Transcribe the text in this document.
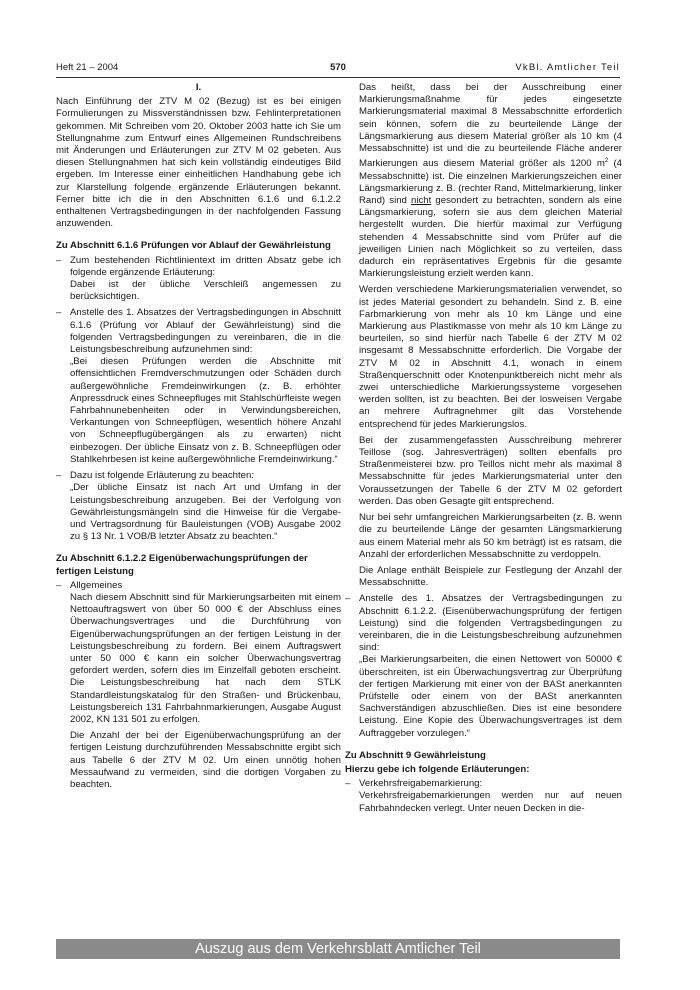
Heft 21 – 2004	570	VkBl. Amtlicher Teil
I.

Nach Einführung der ZTV M 02 (Bezug) ist es bei einigen Formulierungen zu Missverständnissen bzw. Fehlinterpretationen gekommen. Mit Schreiben vom 20. Oktober 2003 hatte ich Sie um Stellungnahme zum Entwurf eines Allgemeinen Rundschreibens mit Änderungen und Erläuterungen zur ZTV M 02 gebeten. Aus diesen Stellungnahmen hat sich kein vollständig eindeutiges Bild ergeben. Im Interesse einer einheitlichen Handhabung gebe ich zur Klarstellung folgende ergänzende Erläuterungen bekannt. Ferner bitte ich die in den Abschnitten 6.1.6 und 6.1.2.2 enthaltenen Vertragsbedingungen in der nachfolgenden Fassung anzuwenden.

Zu Abschnitt 6.1.6 Prüfungen vor Ablauf der Gewährleistung
– Zum bestehenden Richtlinientext im dritten Absatz gebe ich folgende ergänzende Erläuterung:
Dabei ist der übliche Verschleiß angemessen zu berücksichtigen.
– Anstelle des 1. Absatzes der Vertragsbedingungen in Abschnitt 6.1.6 (Prüfung vor Ablauf der Gewährleistung) sind die folgenden Vertragsbedingungen zu vereinbaren, die in die Leistungsbeschreibung aufzunehmen sind:
„Bei diesen Prüfungen werden die Abschnitte mit offensichtlichen Fremdverschmutzungen oder Schäden durch außergewöhnliche Fremdeinwirkungen (z. B. erhöhter Anpressdruck eines Schneepfluges mit Stahlschürfleiste wegen Fahrbahnunebenheiten oder in Verwindungsbereichen, Verkantungen von Schneepflügen, wesentlich höhere Anzahl von Schneepflugübergängen als zu erwarten) nicht einbezogen. Der übliche Einsatz von z. B. Schneepflügen oder Stahlkehrbesen ist keine außergewöhnliche Fremdeinwirkung.“
– Dazu ist folgende Erläuterung zu beachten:
„Der übliche Einsatz ist nach Art und Umfang in der Leistungsbeschreibung anzugeben. Bei der Verfolgung von Gewährleistungsmängeln sind die Hinweise für die Vergabe- und Vertragsordnung für Bauleistungen (VOB) Ausgabe 2002 zu § 13 Nr. 1 VOB/B letzter Absatz zu beachten.“
Zu Abschnitt 6.1.2.2 Eigenüberwachungsprüfungen der fertigen Leistung
– Allgemeines

Nach diesem Abschnitt sind für Markierungsarbeiten mit einem Nettoauftragswert von über 50 000 € der Abschluss eines Überwachungsvertrages und die Durchführung von Eigenüberwachungsprüfungen an der fertigen Leistung in der Leistungsbeschreibung zu fordern. Bei einem Auftragswert unter 50 000 € kann ein solcher Überwachungsvertrag gefordert werden, sofern dies im Einzelfall geboten erscheint. Die Leistungsbeschreibung hat nach dem STLK Standardleistungskatalog für den Straßen- und Brückenbau, Leistungsbereich 131 Fahrbahnmarkierungen, Ausgabe August 2002, KN 131 501 zu erfolgen.

Die Anzahl der bei der Eigenüberwachungsprüfung an der fertigen Leistung durchzuführenden Messabschnitte ergibt sich aus Tabelle 6 der ZTV M 02. Um einen unnötig hohen Messaufwand zu vermeiden, sind die dortigen Vorgaben zu beachten.

Das heißt, dass bei der Ausschreibung einer Markierungsmaßnahme für jedes eingesetzte Markierungsmaterial maximal 8 Messabschnitte erforderlich sein können, sofern die zu beurteilende Länge der Längsmarkierung aus diesem Material größer als 10 km (4 Messabschnitte) ist und die zu beurteilende Fläche anderer Markierungen aus diesem Material größer als 1200 $m^2$ (4 Messabschnitte) ist. Die einzelnen Markierungszeichen einer Längsmarkierung z. B. (rechter Rand, Mittelmarkierung, linker Rand) sind nicht gesondert zu betrachten, sondern als eine Längsmarkierung, sofern sie aus dem gleichen Material hergestellt wurden. Die hierfür maximal zur Verfügung stehenden 4 Messabschnitte sind vom Prüfer auf die jeweiligen Linien nach Möglichkeit so zu verteilen, dass dadurch ein repräsentatives Ergebnis für die gesamte Markierungsleistung erzielt werden kann.

Werden verschiedene Markierungsmaterialien verwendet, so ist jedes Material gesondert zu behandeln. Sind z. B. eine Farbmarkierung von mehr als 10 km Länge und eine Markierung aus Plastikmasse von mehr als 10 km Länge zu beurteilen, so sind hierfür nach Tabelle 6 der ZTV M 02 insgesamt 8 Messabschnitte erforderlich. Die Vorgabe der ZTV M 02 in Abschnitt 4.1, wonach in einem Straßenquerschnitt oder Knotenpunktbereich nicht mehr als zwei unterschiedliche Markierungssysteme vorgesehen werden sollten, ist zu beachten. Bei der losweisen Vergabe an mehrere Auftragnehmer gilt das Vorstehende entsprechend für jedes Markierungslos.

Bei der zusammengefassten Ausschreibung mehrerer Teillose (sog. Jahresverträgen) sollten ebenfalls pro Straßenmeisterei bzw. pro Teillos nicht mehr als maximal 8 Messabschnitte für jedes Markierungsmaterial unter den Voraussetzungen der Tabelle 6 der ZTV M 02 gefordert werden. Das oben Gesagte gilt entsprechend.

Nur bei sehr umfangreichen Markierungsarbeiten (z. B. wenn die zu beurteilende Länge der gesamten Längsmarkierung aus einem Material mehr als 50 km beträgt) ist es ratsam, die Anzahl der erforderlichen Messabschnitte zu verdoppeln.

Die Anlage enthält Beispiele zur Festlegung der Anzahl der Messabschnitte.

– Anstelle des 1. Absatzes der Vertragsbedingungen zu Abschnitt 6.1.2.2. (Eisenüberwachungsprüfung der fertigen Leistung) sind die folgenden Vertragsbedingungen zu vereinbaren, die in die Leistungsbeschreibung aufzunehmen sind:
„Bei Markierungsarbeiten, die einen Nettowert von 50000 € überschreiten, ist ein Überwachungsvertrag zur Überprüfung der fertigen Markierung mit einer von der BASt anerkannten Prüfstelle oder einem von der BASt anerkannten Sachverständigen abzuschließen. Dies ist eine besondere Leistung. Eine Kopie des Überwachungsvertrages ist dem Auftraggeber vorzulegen.“
Zu Abschnitt 9 Gewährleistung
Hierzu gebe ich folgende Erläuterungen:
– Verkehrsfreigabemarkierung:

Verkehrsfreigabemarkierungen werden nur auf neuen Fahrbahndecken verlegt. Unter neuen Decken in die-

Auszug aus dem Verkehrsblatt Amtlicher Teil
